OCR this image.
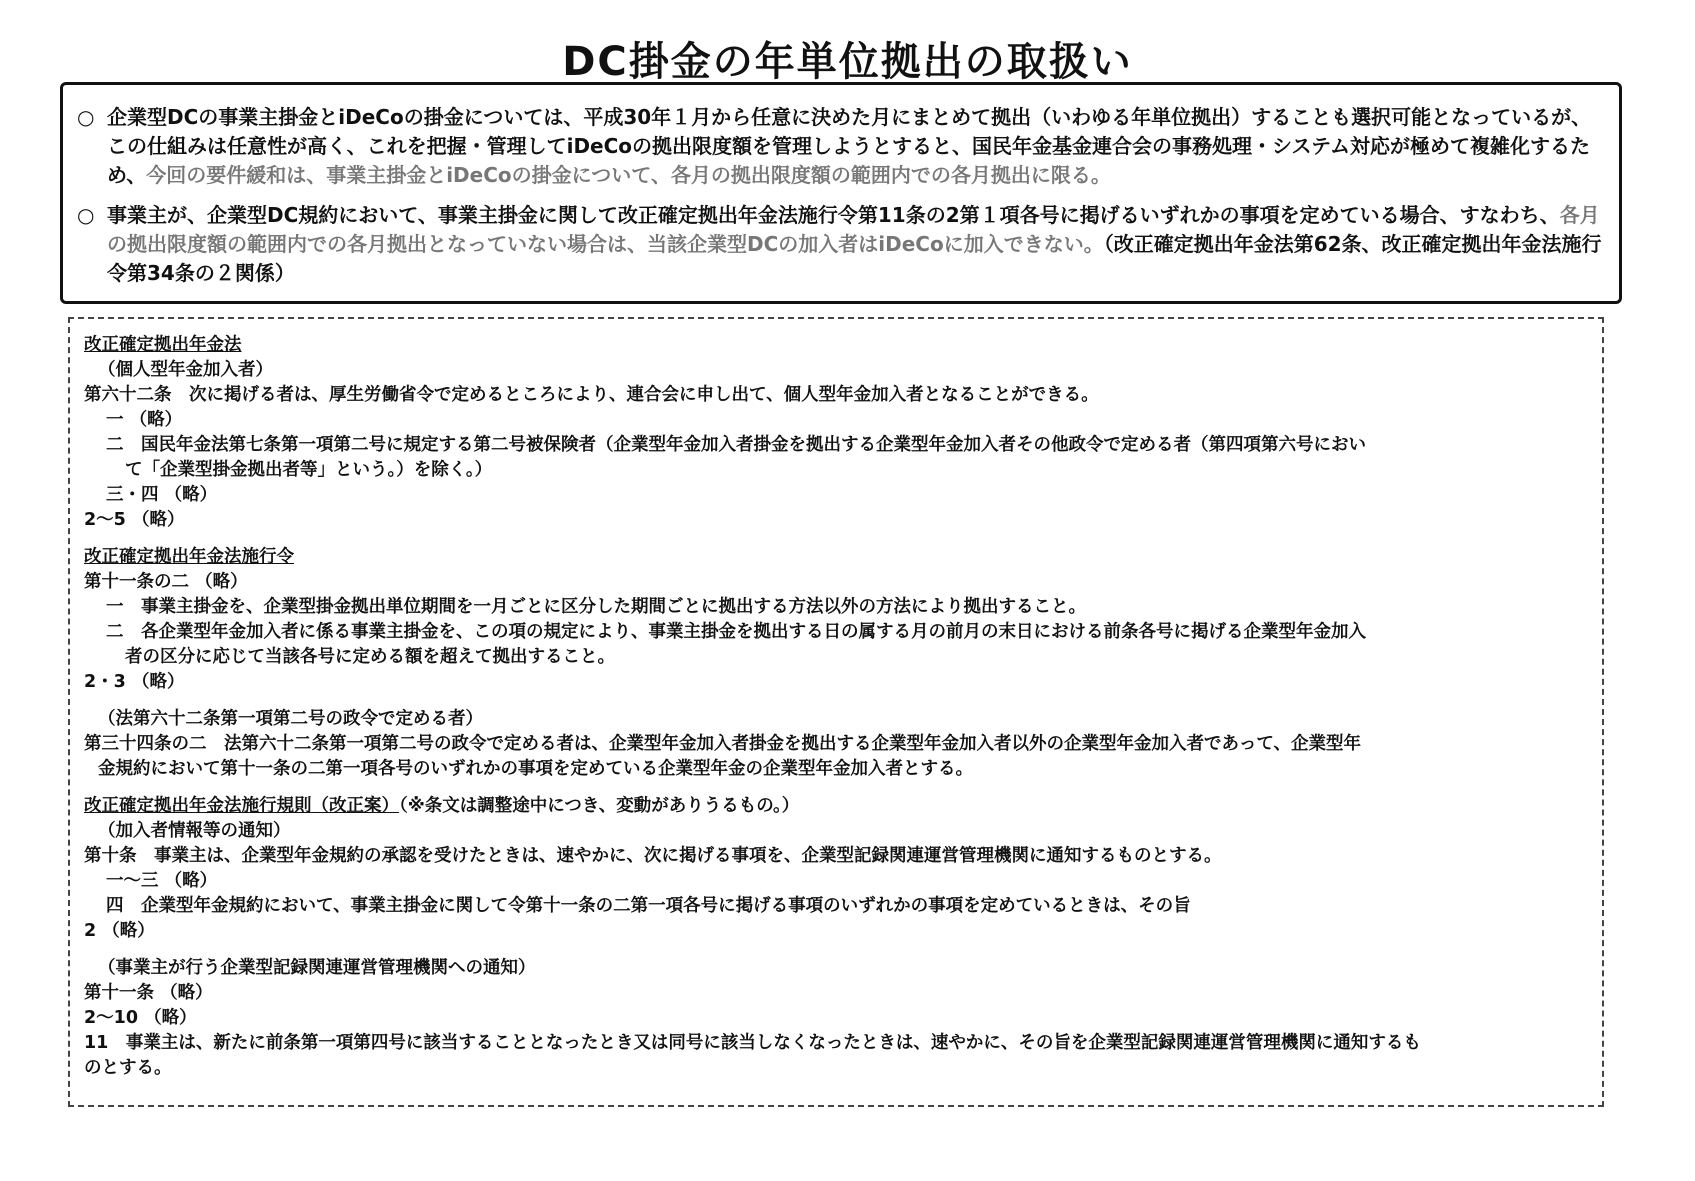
DC掛金の年単位拠出の取扱い
○ 企業型DCの事業主掛金とiDeCoの掛金については、平成30年１月から任意に決めた月にまとめて拠出（いわゆる年単位拠出）することも選択可能となっているが、この仕組みは任意性が高く、これを把握・管理してiDeCoの拠出限度額を管理しようとすると、国民年金基金連合会の事務処理・システム対応が極めて複雑化するため、今回の要件緩和は、事業主掛金とiDeCoの掛金について、各月の拠出限度額の範囲内での各月拠出に限る。
○ 事業主が、企業型DC規約において、事業主掛金に関して改正確定拠出年金法施行令第11条の2第１項各号に掲げるいずれかの事項を定めている場合、すなわち、各月の拠出限度額の範囲内での各月拠出となっていない場合は、当該企業型DCの加入者はiDeCoに加入できない。（改正確定拠出年金法第62条、改正確定拠出年金法施行令第34条の２関係）
改正確定拠出年金法
（個人型年金加入者）
第六十二条　次に掲げる者は、厚生労働省令で定めるところにより、連合会に申し出て、個人型年金加入者となることができる。
一 （略）
二　国民年金法第七条第一項第二号に規定する第二号被保険者（企業型年金加入者掛金を拠出する企業型年金加入者その他政令で定める者（第四項第六号におい
て「企業型掛金拠出者等」という。）を除く。）
三・四 （略）
2～5 （略）
改正確定拠出年金法施行令
第十一条の二 （略）
一　事業主掛金を、企業型掛金拠出単位期間を一月ごとに区分した期間ごとに拠出する方法以外の方法により拠出すること。
二　各企業型年金加入者に係る事業主掛金を、この項の規定により、事業主掛金を拠出する日の属する月の前月の末日における前条各号に掲げる企業型年金加入
者の区分に応じて当該各号に定める額を超えて拠出すること。
2・3 （略）
（法第六十二条第一項第二号の政令で定める者）
第三十四条の二　法第六十二条第一項第二号の政令で定める者は、企業型年金加入者掛金を拠出する企業型年金加入者以外の企業型年金加入者であって、企業型年
金規約において第十一条の二第一項各号のいずれかの事項を定めている企業型年金の企業型年金加入者とする。
改正確定拠出年金法施行規則（改正案）（※条文は調整途中につき、変動がありうるもの。）
（加入者情報等の通知）
第十条　事業主は、企業型年金規約の承認を受けたときは、速やかに、次に掲げる事項を、企業型記録関連運営管理機関に通知するものとする。
一～三 （略）
四　企業型年金規約において、事業主掛金に関して令第十一条の二第一項各号に掲げる事項のいずれかの事項を定めているときは、その旨
2 （略）
（事業主が行う企業型記録関連運営管理機関への通知）
第十一条 （略）
2～10 （略）
11　事業主は、新たに前条第一項第四号に該当することとなったとき又は同号に該当しなくなったときは、速やかに、その旨を企業型記録関連運営管理機関に通知するも
のとする。
